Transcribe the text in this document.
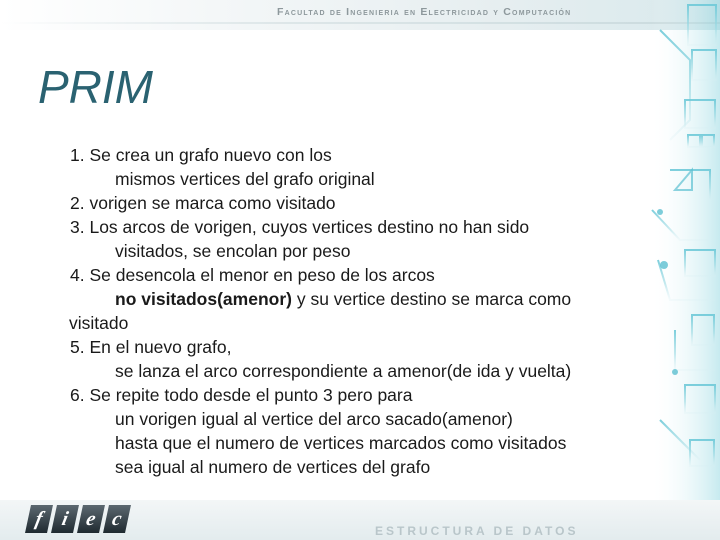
Facultad de Ingenieria en Electricidad y Computación
PRIM
1. Se crea un grafo nuevo con los
mismos vertices del grafo original
2. vorigen se marca como visitado
3. Los arcos de vorigen, cuyos vertices destino no han sido
visitados, se encolan por peso
4. Se desencola el menor en peso de los arcos
no visitados(amenor) y su vertice destino se marca como
visitado
5. En el nuevo grafo,
se lanza el arco correspondiente a amenor(de ida y vuelta)
6. Se repite todo desde el punto 3 pero para
un vorigen igual al vertice del arco sacado(amenor)
hasta que el numero de vertices marcados como visitados
sea igual al numero de vertices del grafo
f i e c
ESTRUCTURA DE DATOS
